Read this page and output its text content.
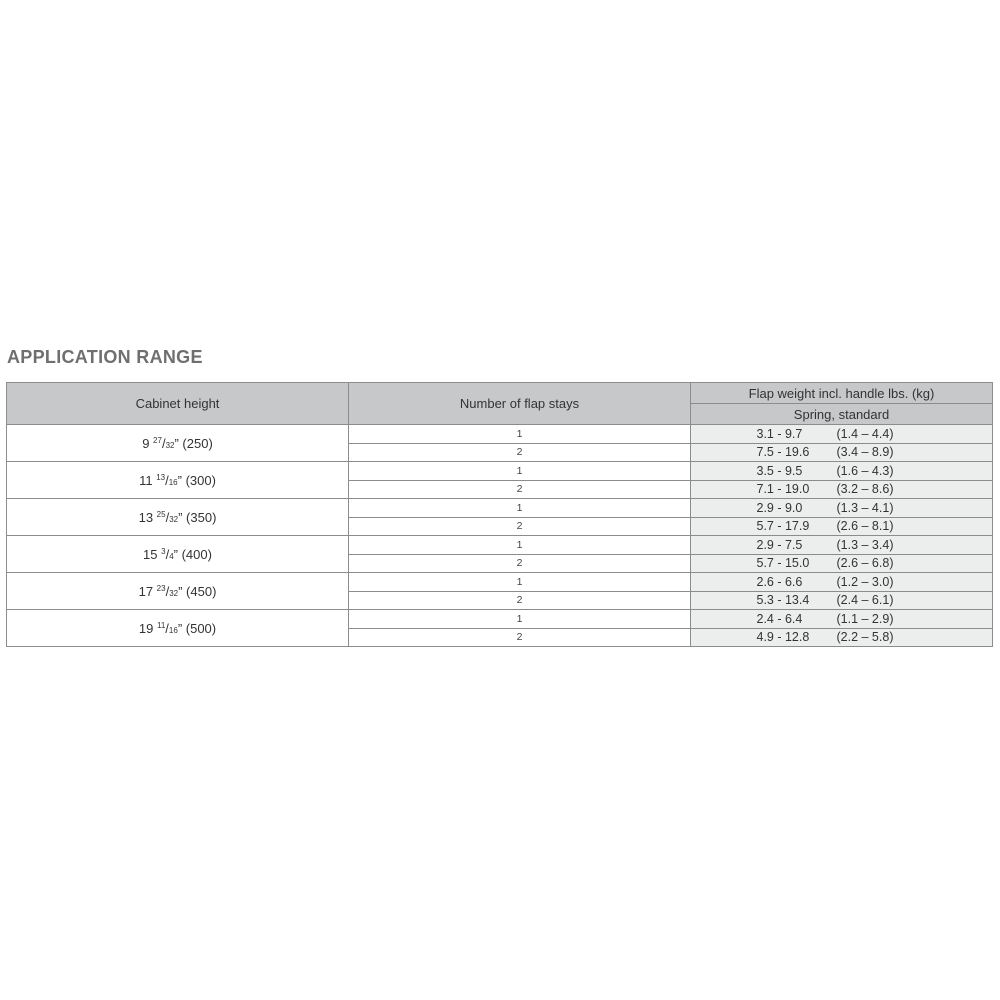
APPLICATION RANGE
Cabinet height	Number of flap stays	Flap weight incl. handle lbs. (kg)
		Spring, standard
9 $^{27}$/32” (250)	1	3.1 - 9.7 (1.4 – 4.4)
	2	7.5 - 19.6 (3.4 – 8.9)
11 $^{13}$/16” (300)	1	3.5 - 9.5 (1.6 – 4.3)
	2	7.1 - 19.0 (3.2 – 8.6)
13 $^{25}$/32” (350)	1	2.9 - 9.0 (1.3 – 4.1)
	2	5.7 - 17.9 (2.6 – 8.1)
15 $^3$/4” (400)	1	2.9 - 7.5 (1.3 – 3.4)
	2	5.7 - 15.0 (2.6 – 6.8)
17 $^{23}$/32” (450)	1	2.6 - 6.6 (1.2 – 3.0)
	2	5.3 - 13.4 (2.4 – 6.1)
19 $^{11}$/16” (500)	1	2.4 - 6.4 (1.1 – 2.9)
	2	4.9 - 12.8 (2.2 – 5.8)
